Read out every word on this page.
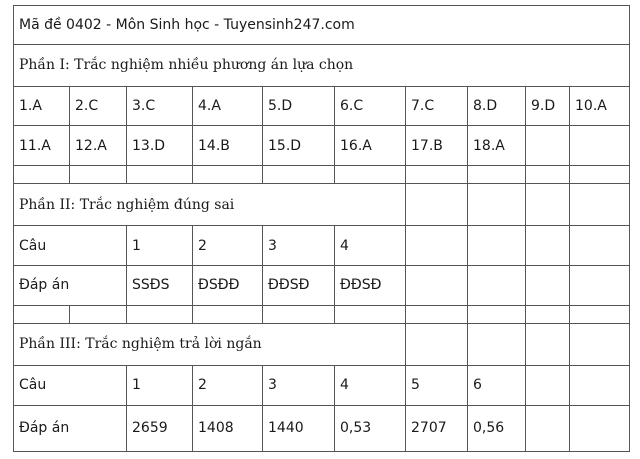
Mã đề 0402 - Môn Sinh học - Tuyensinh247.com									
Phần I: Trắc nghiệm nhiều phương án lựa chọn									
1.A	2.C	3.C	4.A	5.D	6.C	7.C	8.D	9.D	10.A
11.A	12.A	13.D	14.B	15.D	16.A	17.B	18.A		

Phần II: Trắc nghiệm đúng sai									
Câu		1	2	3	4				
Đáp án		SSĐS	ĐSĐĐ	ĐĐSĐ	ĐĐSĐ				

Phần III: Trắc nghiệm trả lời ngắn									
Câu		1	2	3	4	5	6		
Đáp án		2659	1408	1440	0,53	2707	0,56		
